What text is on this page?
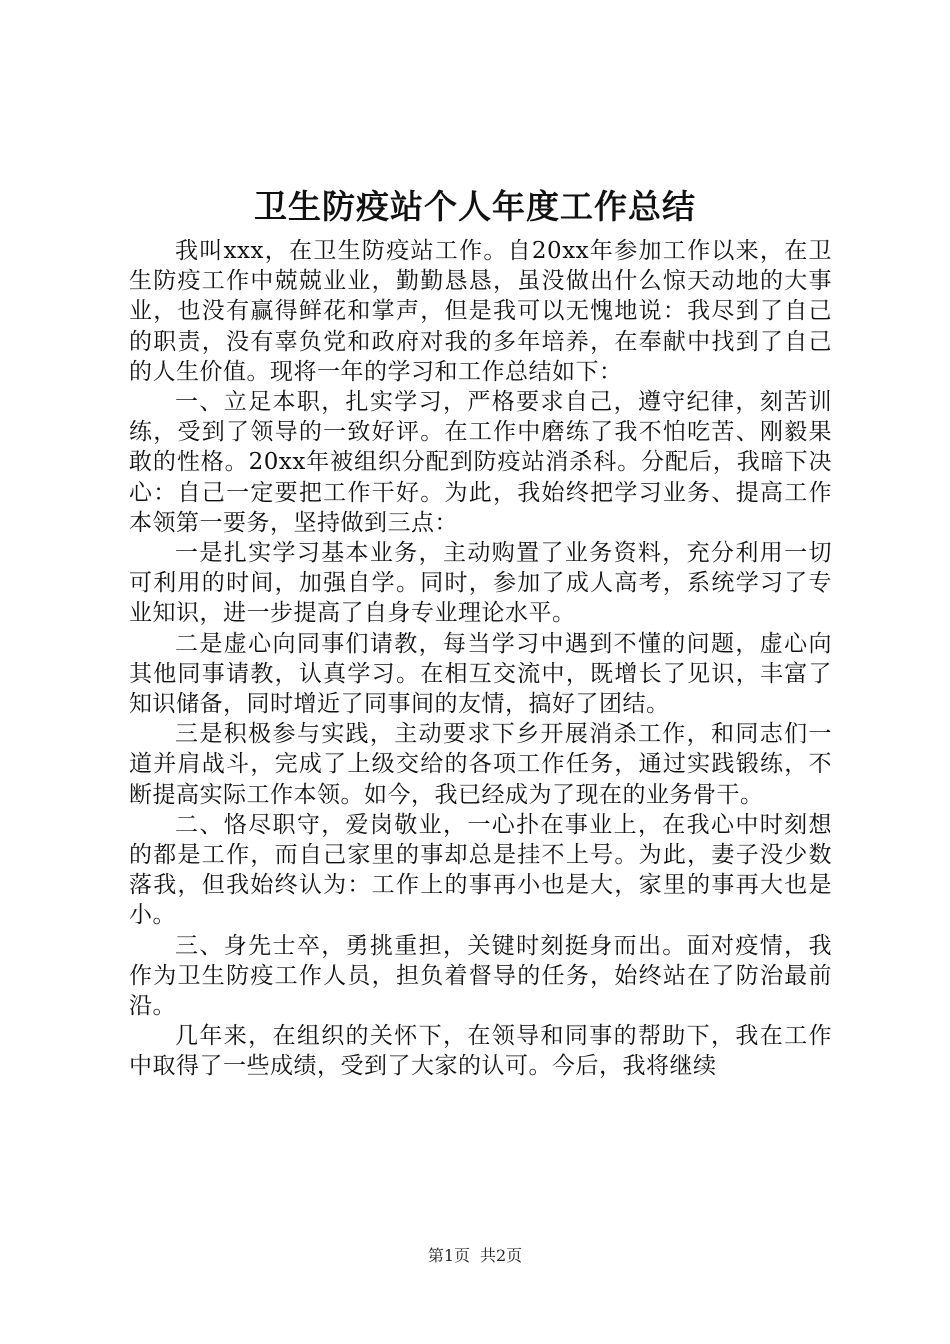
卫生防疫站个人年度工作总结

我叫xxx，在卫生防疫站工作。自20xx年参加工作以来，在卫生防疫工作中兢兢业业，勤勤恳恳，虽没做出什么惊天动地的大事业，也没有赢得鲜花和掌声，但是我可以无愧地说：我尽到了自己的职责，没有辜负党和政府对我的多年培养，在奉献中找到了自己的人生价值。现将一年的学习和工作总结如下：

一、立足本职，扎实学习，严格要求自己，遵守纪律，刻苦训练，受到了领导的一致好评。在工作中磨练了我不怕吃苦、刚毅果敢的性格。20xx年被组织分配到防疫站消杀科。分配后，我暗下决心：自己一定要把工作干好。为此，我始终把学习业务、提高工作本领第一要务，坚持做到三点：

一是扎实学习基本业务，主动购置了业务资料，充分利用一切可利用的时间，加强自学。同时，参加了成人高考，系统学习了专业知识，进一步提高了自身专业理论水平。

二是虚心向同事们请教，每当学习中遇到不懂的问题，虚心向其他同事请教，认真学习。在相互交流中，既增长了见识，丰富了知识储备，同时增近了同事间的友情，搞好了团结。

三是积极参与实践，主动要求下乡开展消杀工作，和同志们一道并肩战斗，完成了上级交给的各项工作任务，通过实践锻练，不断提高实际工作本领。如今，我已经成为了现在的业务骨干。

二、恪尽职守，爱岗敬业，一心扑在事业上，在我心中时刻想的都是工作，而自己家里的事却总是挂不上号。为此，妻子没少数落我，但我始终认为：工作上的事再小也是大，家里的事再大也是小。

三、身先士卒，勇挑重担，关键时刻挺身而出。面对疫情，我作为卫生防疫工作人员，担负着督导的任务，始终站在了防治最前沿。

几年来，在组织的关怀下，在领导和同事的帮助下，我在工作中取得了一些成绩，受到了大家的认可。今后，我将继续

第1页 共2页
